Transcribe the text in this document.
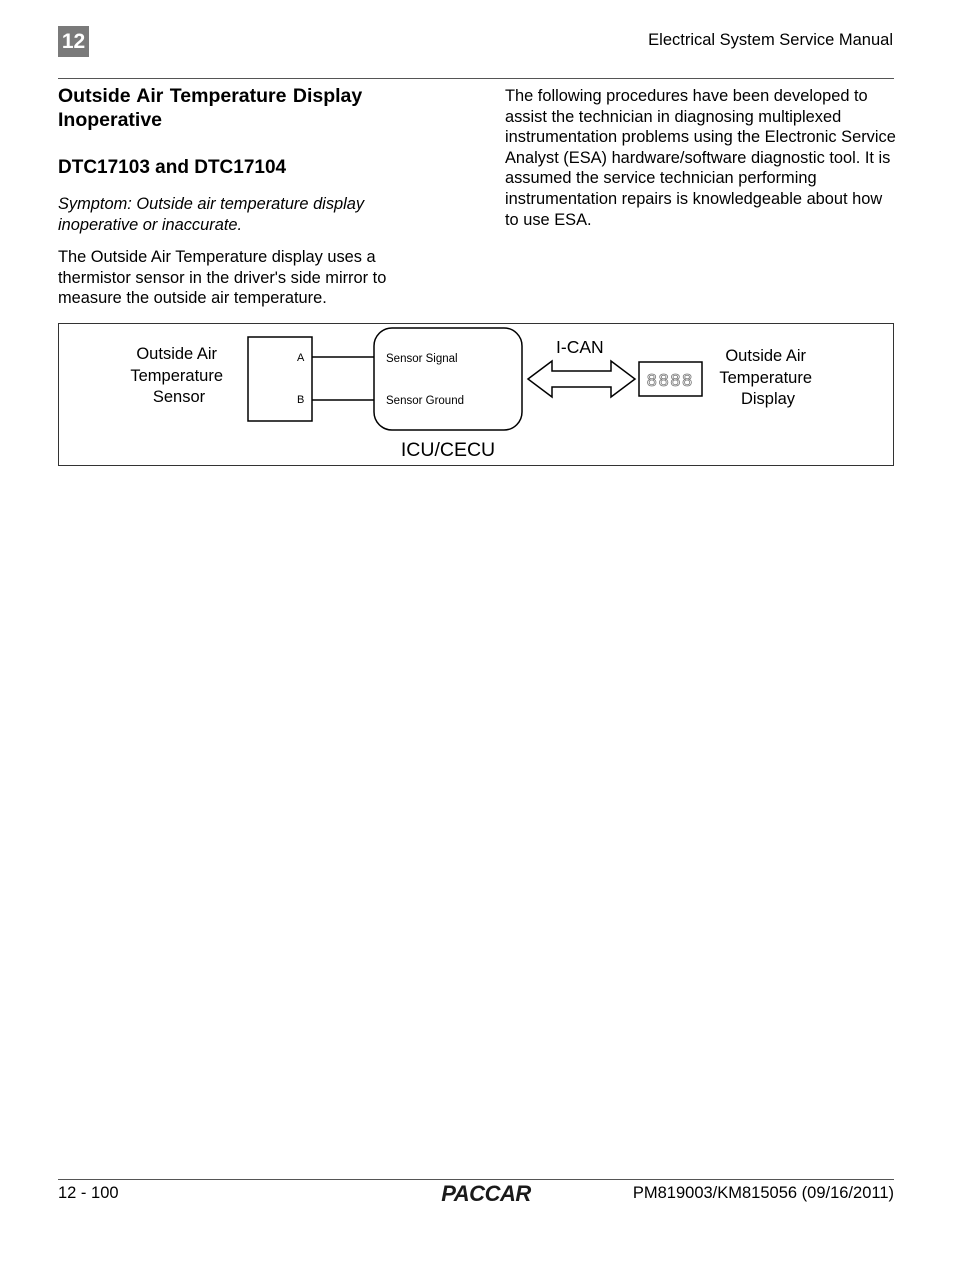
12	Electrical System Service Manual
Outside Air Temperature Display Inoperative
DTC17103 and DTC17104

Symptom: Outside air temperature display inoperative or inaccurate.

The Outside Air Temperature display uses a thermistor sensor in the driver's side mirror to measure the outside air temperature.

The following procedures have been developed to assist the technician in diagnosing multiplexed instrumentation problems using the Electronic Service Analyst (ESA) hardware/software diagnostic tool. It is assumed the service technician performing instrumentation repairs is knowledgeable about how to use ESA.

Outside Air Temperature Sensor
A
B
Sensor Signal
Sensor Ground
ICU/CECU
I-CAN
8888
Outside Air Temperature Display
12 - 100	PACCAR	PM819003/KM815056 (09/16/2011)
